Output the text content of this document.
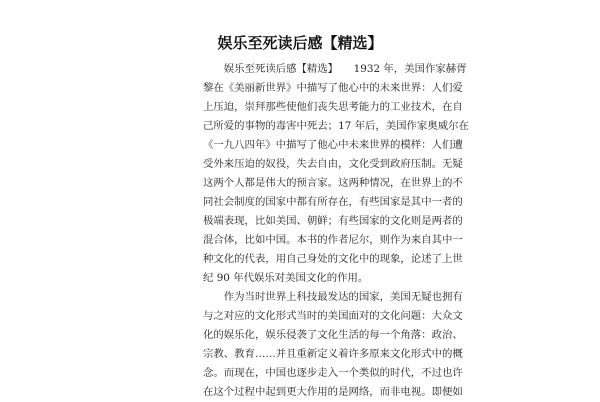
娱乐至死读后感【精选】
　　娱乐至死读后感【精选】　　1932 年，美国作家赫胥
黎在《美丽新世界》中描写了他心中的未来世界：人们爱
上压迫，崇拜那些使他们丧失思考能力的工业技术，在自
己所爱的事物的毒害中死去；17 年后，美国作家奥威尔在
《一九八四年》中描写了他心中未来世界的模样：人们遭
受外来压迫的奴役，失去自由，文化受到政府压制。无疑
这两个人都是伟大的预言家。这两种情况，在世界上的不
同社会制度的国家中都有所存在，有些国家是其中一者的
极端表现，比如美国、朝鲜；有些国家的文化则是两者的
混合体，比如中国。本书的作者尼尔，则作为来自其中一
种文化的代表，用自己身处的文化中的现象，论述了上世
纪 90 年代娱乐对美国文化的作用。
　　作为当时世界上科技最发达的国家，美国无疑也拥有
与之对应的文化形式当时的美国面对的文化问题：大众文
化的娱乐化，娱乐侵袭了文化生活的每一个角落：政治、
宗教、教育……并且重新定义着许多原来文化形式中的概
念。而现在，中国也逐步走入一个类似的时代，不过也许
在这个过程中起到更大作用的是网络，而非电视。即便如
